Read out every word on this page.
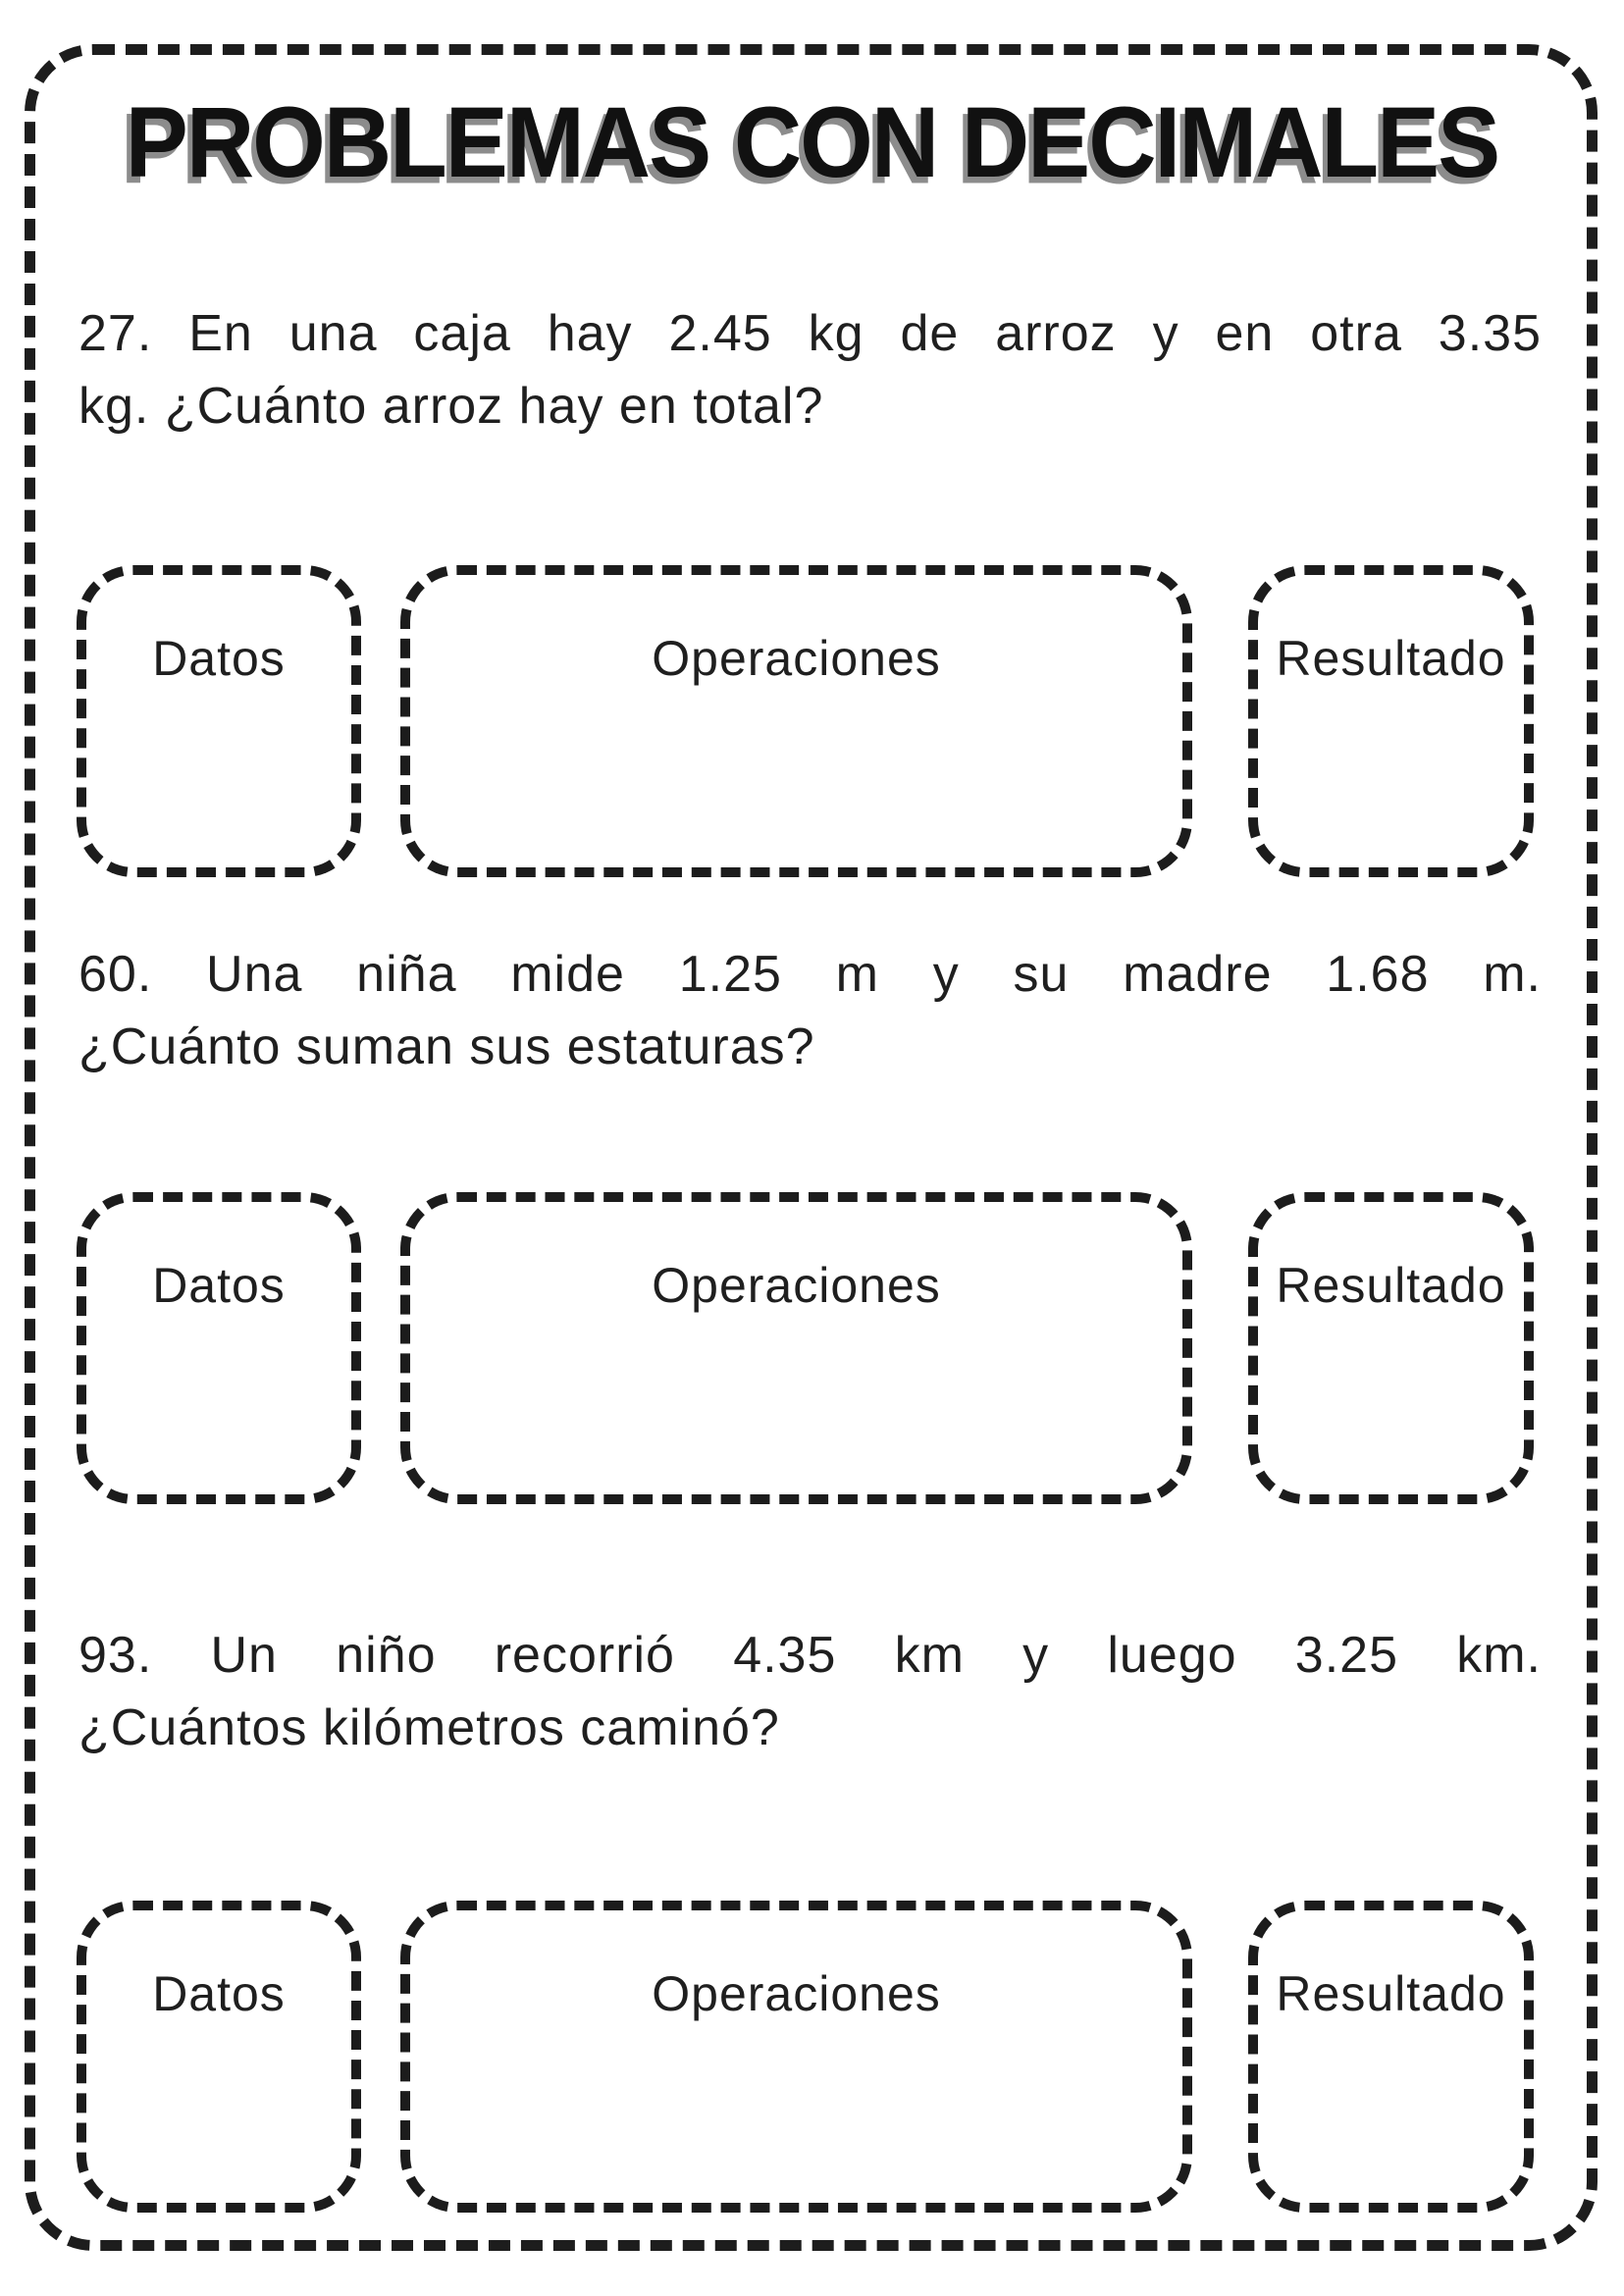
PROBLEMAS CON DECIMALES
27. En una caja hay 2.45 kg de arroz y en otra 3.35
kg. ¿Cuánto arroz hay en total?
Datos	Operaciones	Resultado
60. Una niña mide 1.25 m y su madre 1.68 m.
¿Cuánto suman sus estaturas?
Datos	Operaciones	Resultado
93. Un niño recorrió 4.35 km y luego 3.25 km.
¿Cuántos kilómetros caminó?
Datos	Operaciones	Resultado
